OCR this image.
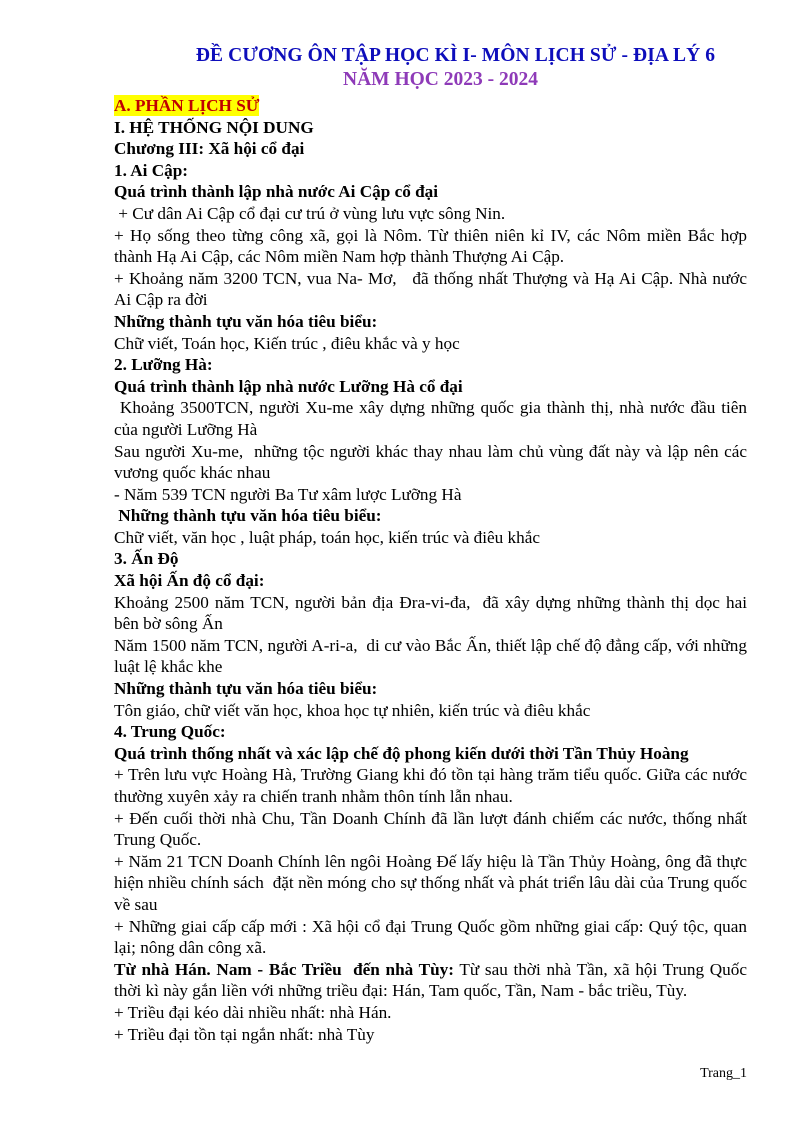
ĐỀ CƯƠNG ÔN TẬP HỌC KÌ I- MÔN LỊCH SỬ - ĐỊA LÝ 6
NĂM HỌC 2023 - 2024
A. PHẦN LỊCH SỬ
I. HỆ THỐNG NỘI DUNG
Chương III: Xã hội cổ đại
1. Ai Cập:
Quá trình thành lập nhà nước Ai Cập cổ đại
+ Cư dân Ai Cập cổ đại cư trú ở vùng lưu vực sông Nin.
+ Họ sống theo từng công xã, gọi là Nôm. Từ thiên niên kỉ IV, các Nôm miền Bắc hợp thành Hạ Ai Cập, các Nôm miền Nam hợp thành Thượng Ai Cập.
+ Khoảng năm 3200 TCN, vua Na- Mơ,   đã thống nhất Thượng và Hạ Ai Cập. Nhà nước Ai Cập ra đời
Những thành tựu văn hóa tiêu biểu:
Chữ viết, Toán học, Kiến trúc , điêu khắc và y học
2. Lưỡng Hà:
Quá trình thành lập nhà nước Lưỡng Hà cổ đại
Khoảng 3500TCN, người Xu-me xây dựng những quốc gia thành thị, nhà nước đầu tiên của người Lưỡng Hà
Sau người Xu-me,  những tộc người khác thay nhau làm chủ vùng đất này và lập nên các vương quốc khác nhau
- Năm 539 TCN người Ba Tư xâm lược Lưỡng Hà
Những thành tựu văn hóa tiêu biểu:
Chữ viết, văn học , luật pháp, toán học, kiến trúc và điêu khắc
3. Ấn Độ
Xã hội Ấn độ cổ đại:
Khoảng 2500 năm TCN, người bản địa Đra-vi-đa,  đã xây dựng những thành thị dọc hai bên bờ sông Ấn
Năm 1500 năm TCN, người A-ri-a,  di cư vào Bắc Ấn, thiết lập chế độ đẳng cấp, với những luật lệ khắc khe
Những thành tựu văn hóa tiêu biểu:
Tôn giáo, chữ viết văn học, khoa học tự nhiên, kiến trúc và điêu khắc
4. Trung Quốc:
Quá trình thống nhất và xác lập chế độ phong kiến dưới thời Tần Thủy Hoàng
+ Trên lưu vực Hoàng Hà, Trường Giang khi đó tồn tại hàng trăm tiểu quốc. Giữa các nước thường xuyên xảy ra chiến tranh nhằm thôn tính lẫn nhau.
+ Đến cuối thời nhà Chu, Tần Doanh Chính đã lần lượt đánh chiếm các nước, thống nhất Trung Quốc.
+ Năm 21 TCN Doanh Chính lên ngôi Hoàng Đế lấy hiệu là Tần Thủy Hoàng, ông đã thực hiện nhiều chính sách  đặt nền móng cho sự thống nhất và phát triển lâu dài của Trung quốc về sau
+ Những giai cấp cấp mới : Xã hội cổ đại Trung Quốc gồm những giai cấp: Quý tộc, quan lại; nông dân công xã.
Từ nhà Hán. Nam - Bắc Triều  đến nhà Tùy: Từ sau thời nhà Tần, xã hội Trung Quốc thời kì này gắn liền với những triều đại: Hán, Tam quốc, Tần, Nam - bắc triều, Tùy.
+ Triều đại kéo dài nhiều nhất: nhà Hán.
+ Triều đại tồn tại ngắn nhất: nhà Tùy
Trang_1
